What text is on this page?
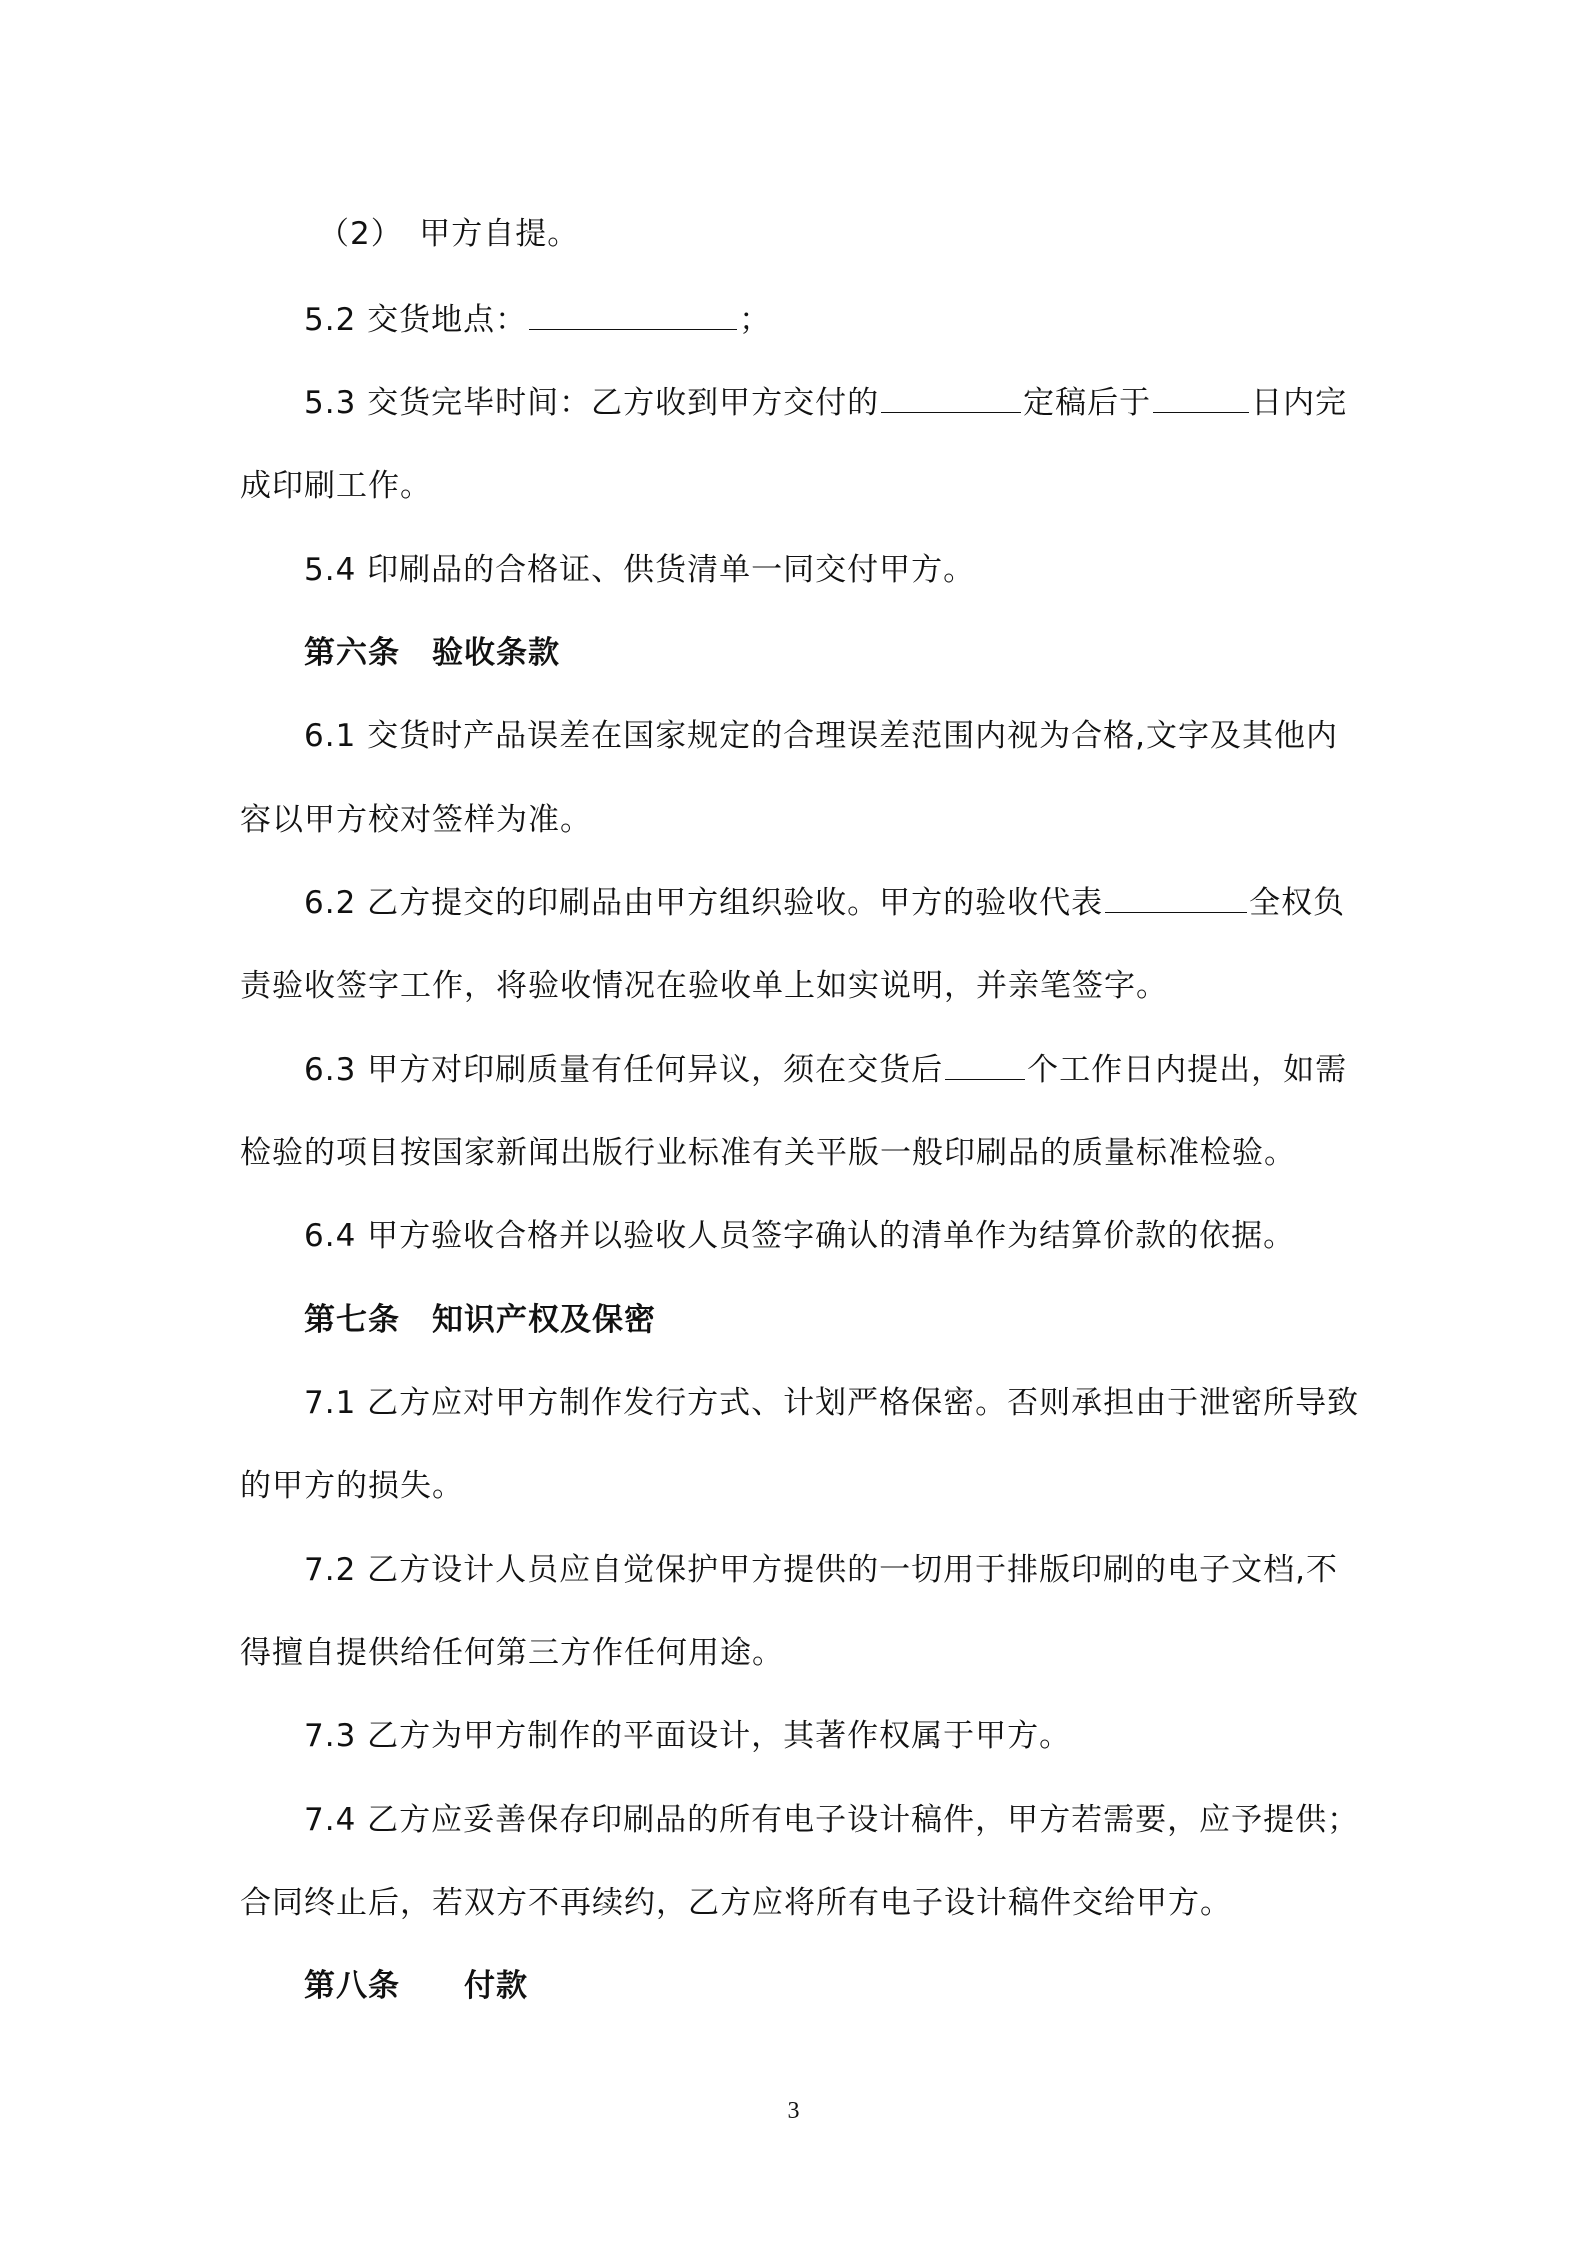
（2）　甲方自提。
5.2 交货地点：	；
5.3 交货完毕时间：乙方收到甲方交付的	定稿后于	日内完
成印刷工作。
5.4 印刷品的合格证、供货清单一同交付甲方。
第六条　验收条款
6.1 交货时产品误差在国家规定的合理误差范围内视为合格,文字及其他内
容以甲方校对签样为准。
6.2 乙方提交的印刷品由甲方组织验收。甲方的验收代表	全权负
责验收签字工作，将验收情况在验收单上如实说明，并亲笔签字。
6.3 甲方对印刷质量有任何异议，须在交货后	个工作日内提出，如需
检验的项目按国家新闻出版行业标准有关平版一般印刷品的质量标准检验。
6.4 甲方验收合格并以验收人员签字确认的清单作为结算价款的依据。
第七条　知识产权及保密
7.1 乙方应对甲方制作发行方式、计划严格保密。否则承担由于泄密所导致
的甲方的损失。
7.2 乙方设计人员应自觉保护甲方提供的一切用于排版印刷的电子文档,不
得擅自提供给任何第三方作任何用途。
7.3 乙方为甲方制作的平面设计，其著作权属于甲方。
7.4 乙方应妥善保存印刷品的所有电子设计稿件，甲方若需要，应予提供；
合同终止后，若双方不再续约，乙方应将所有电子设计稿件交给甲方。
第八条　　付款
3
